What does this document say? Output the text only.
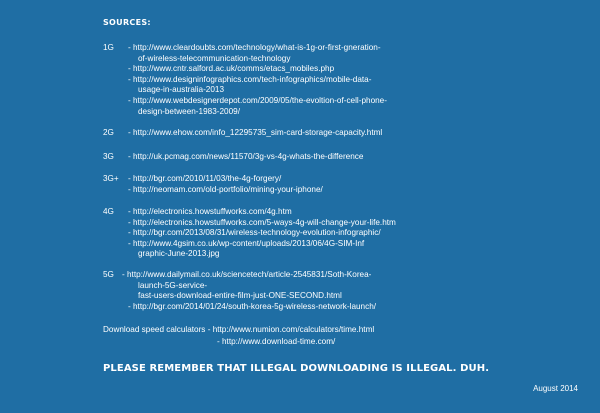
SOURCES:
1G - http://www.cleardoubts.com/technology/what-is-1g-or-first-gneration-
of-wireless-telecommunication-technology
- http://www.cntr.salford.ac.uk/comms/etacs_mobiles.php
- http://www.designinfographics.com/tech-infographics/mobile-data-
usage-in-australia-2013
- http://www.webdesignerdepot.com/2009/05/the-evoltion-of-cell-phone-
design-between-1983-2009/
2G - http://www.ehow.com/info_12295735_sim-card-storage-capacity.html
3G - http://uk.pcmag.com/news/11570/3g-vs-4g-whats-the-difference
3G+ - http://bgr.com/2010/11/03/the-4g-forgery/
- http://neomam.com/old-portfolio/mining-your-iphone/
4G - http://electronics.howstuffworks.com/4g.htm
- http://electronics.howstuffworks.com/5-ways-4g-will-change-your-life.htm
- http://bgr.com/2013/08/31/wireless-technology-evolution-infographic/
- http://www.4gsim.co.uk/wp-content/uploads/2013/06/4G-SIM-Inf
graphic-June-2013.jpg
5G - http://www.dailymail.co.uk/sciencetech/article-2545831/Soth-Korea-
launch-5G-service-
fast-users-download-entire-film-just-ONE-SECOND.html
- http://bgr.com/2014/01/24/south-korea-5g-wireless-network-launch/
Download speed calculators - http://www.numion.com/calculators/time.html
- http://www.download-time.com/
PLEASE REMEMBER THAT ILLEGAL DOWNLOADING IS ILLEGAL. DUH.
August 2014
